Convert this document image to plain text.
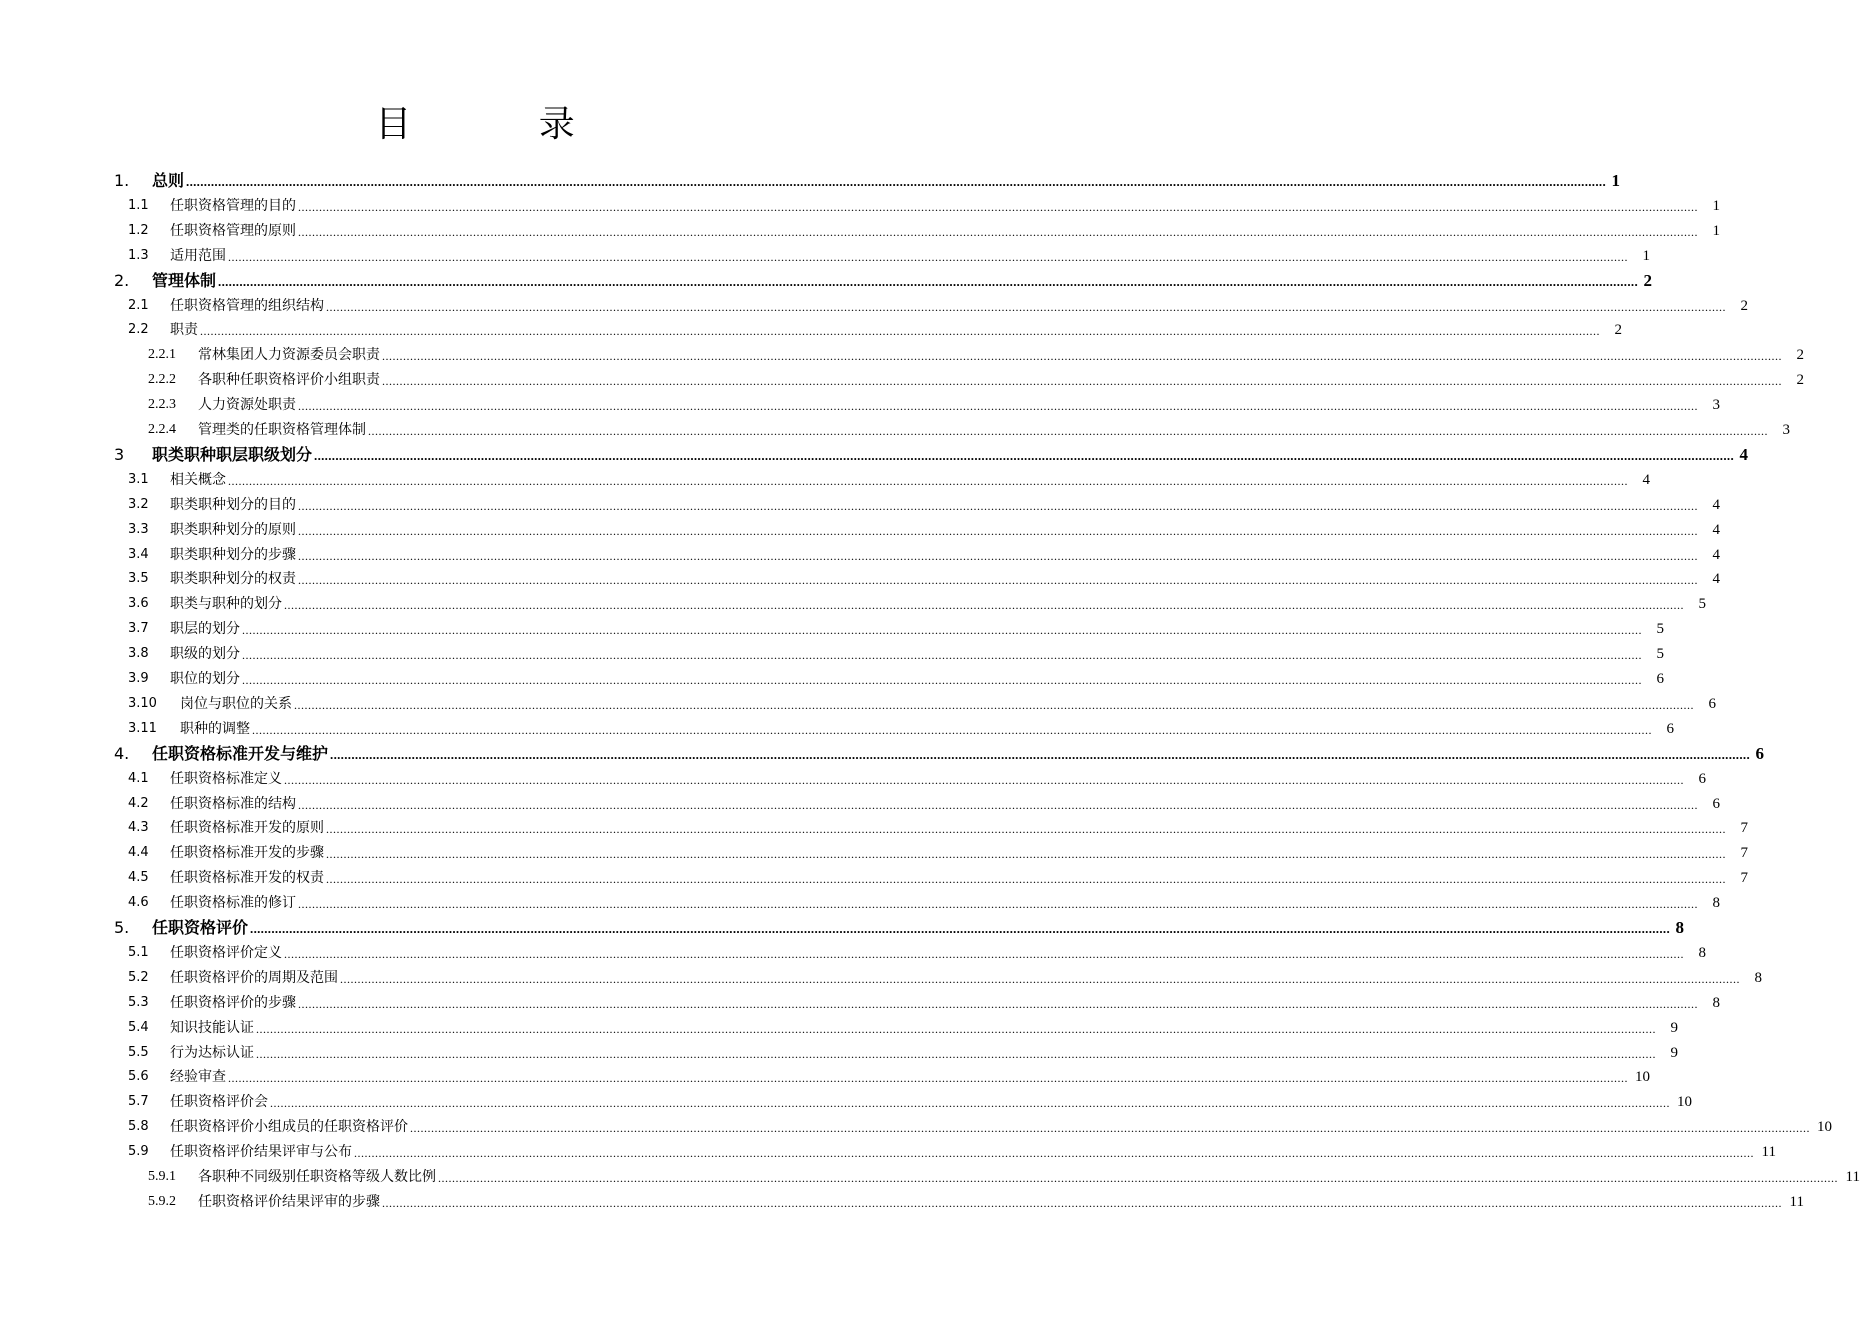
目 录
1.	总则 ................................................................................................................................................................................................................................................................................................................................................................................................................ 1
1.1	任职资格管理的目的 ................................................................................................................................................................................................................................................................................................................................................................................................................ 1
1.2	任职资格管理的原则 ................................................................................................................................................................................................................................................................................................................................................................................................................ 1
1.3	适用范围 ................................................................................................................................................................................................................................................................................................................................................................................................................ 1
2.	管理体制 ................................................................................................................................................................................................................................................................................................................................................................................................................ 2
2.1	任职资格管理的组织结构 ................................................................................................................................................................................................................................................................................................................................................................................................................ 2
2.2	职责 ................................................................................................................................................................................................................................................................................................................................................................................................................ 2
2.2.1	常林集团人力资源委员会职责 ................................................................................................................................................................................................................................................................................................................................................................................................................ 2
2.2.2	各职种任职资格评价小组职责 ................................................................................................................................................................................................................................................................................................................................................................................................................ 2
2.2.3	人力资源处职责 ................................................................................................................................................................................................................................................................................................................................................................................................................ 3
2.2.4	管理类的任职资格管理体制 ................................................................................................................................................................................................................................................................................................................................................................................................................ 3
3	职类职种职层职级划分 ................................................................................................................................................................................................................................................................................................................................................................................................................ 4
3.1	相关概念 ................................................................................................................................................................................................................................................................................................................................................................................................................ 4
3.2	职类职种划分的目的 ................................................................................................................................................................................................................................................................................................................................................................................................................ 4
3.3	职类职种划分的原则 ................................................................................................................................................................................................................................................................................................................................................................................................................ 4
3.4	职类职种划分的步骤 ................................................................................................................................................................................................................................................................................................................................................................................................................ 4
3.5	职类职种划分的权责 ................................................................................................................................................................................................................................................................................................................................................................................................................ 4
3.6	职类与职种的划分 ................................................................................................................................................................................................................................................................................................................................................................................................................ 5
3.7	职层的划分 ................................................................................................................................................................................................................................................................................................................................................................................................................ 5
3.8	职级的划分 ................................................................................................................................................................................................................................................................................................................................................................................................................ 5
3.9	职位的划分 ................................................................................................................................................................................................................................................................................................................................................................................................................ 6
3.10	岗位与职位的关系 ................................................................................................................................................................................................................................................................................................................................................................................................................ 6
3.11	职种的调整 ................................................................................................................................................................................................................................................................................................................................................................................................................ 6
4.	任职资格标准开发与维护 ................................................................................................................................................................................................................................................................................................................................................................................................................ 6
4.1	任职资格标准定义 ................................................................................................................................................................................................................................................................................................................................................................................................................ 6
4.2	任职资格标准的结构 ................................................................................................................................................................................................................................................................................................................................................................................................................ 6
4.3	任职资格标准开发的原则 ................................................................................................................................................................................................................................................................................................................................................................................................................ 7
4.4	任职资格标准开发的步骤 ................................................................................................................................................................................................................................................................................................................................................................................................................ 7
4.5	任职资格标准开发的权责 ................................................................................................................................................................................................................................................................................................................................................................................................................ 7
4.6	任职资格标准的修订 ................................................................................................................................................................................................................................................................................................................................................................................................................ 8
5.	任职资格评价 ................................................................................................................................................................................................................................................................................................................................................................................................................ 8
5.1	任职资格评价定义 ................................................................................................................................................................................................................................................................................................................................................................................................................ 8
5.2	任职资格评价的周期及范围 ................................................................................................................................................................................................................................................................................................................................................................................................................ 8
5.3	任职资格评价的步骤 ................................................................................................................................................................................................................................................................................................................................................................................................................ 8
5.4	知识技能认证 ................................................................................................................................................................................................................................................................................................................................................................................................................ 9
5.5	行为达标认证 ................................................................................................................................................................................................................................................................................................................................................................................................................ 9
5.6	经验审查 ................................................................................................................................................................................................................................................................................................................................................................................................................ 10
5.7	任职资格评价会 ................................................................................................................................................................................................................................................................................................................................................................................................................ 10
5.8	任职资格评价小组成员的任职资格评价 ................................................................................................................................................................................................................................................................................................................................................................................................................ 10
5.9	任职资格评价结果评审与公布 ................................................................................................................................................................................................................................................................................................................................................................................................................ 11
5.9.1	各职种不同级别任职资格等级人数比例 ................................................................................................................................................................................................................................................................................................................................................................................................................ 11
5.9.2	任职资格评价结果评审的步骤 ................................................................................................................................................................................................................................................................................................................................................................................................................ 11
